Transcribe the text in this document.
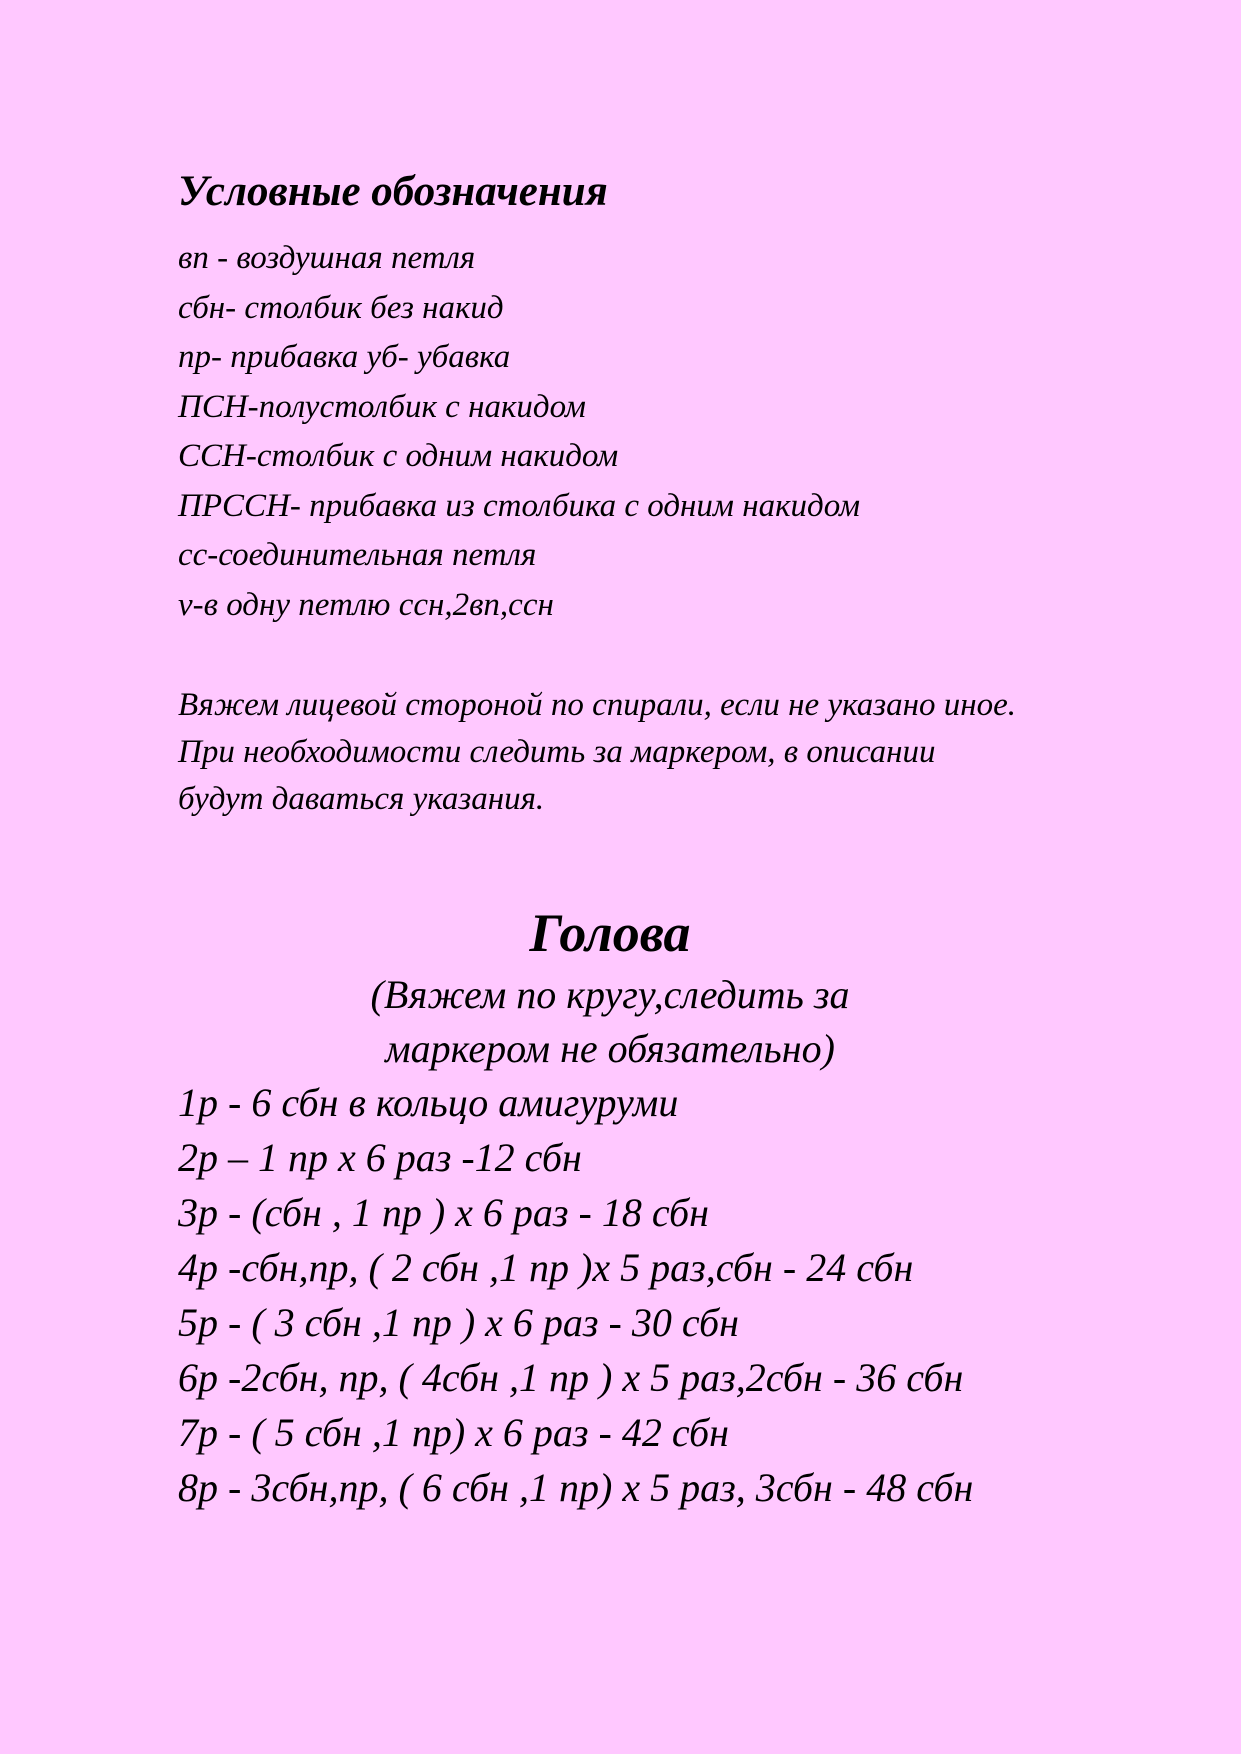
Условные обозначения
вп - воздушная петля
сбн- столбик без накид
пр- прибавка уб- убавка
ПСН-полустолбик с накидом
ССН-столбик с одним накидом
ПРССН- прибавка из столбика с одним накидом
сс-соединительная петля
v-в одну петлю ссн,2вп,ссн
Вяжем лицевой стороной по спирали, если не указано иное.
При необходимости следить за маркером, в описании
будут даваться указания.
Голова
(Вяжем по кругу,следить за
маркером не обязательно)
1р - 6 сбн в кольцо амигуруми
2р – 1 пр х 6 раз -12 сбн
3р - (сбн , 1 пр ) х 6 раз - 18 сбн
4р -сбн,пр, ( 2 сбн ,1 пр )х 5 раз,сбн - 24 сбн
5р - ( 3 сбн ,1 пр ) х 6 раз - 30 сбн
6р -2сбн, пр, ( 4сбн ,1 пр ) х 5 раз,2сбн - 36 сбн
7р - ( 5 сбн ,1 пр) х 6 раз - 42 сбн
8р - 3сбн,пр, ( 6 сбн ,1 пр) х 5 раз, 3сбн - 48 сбн
